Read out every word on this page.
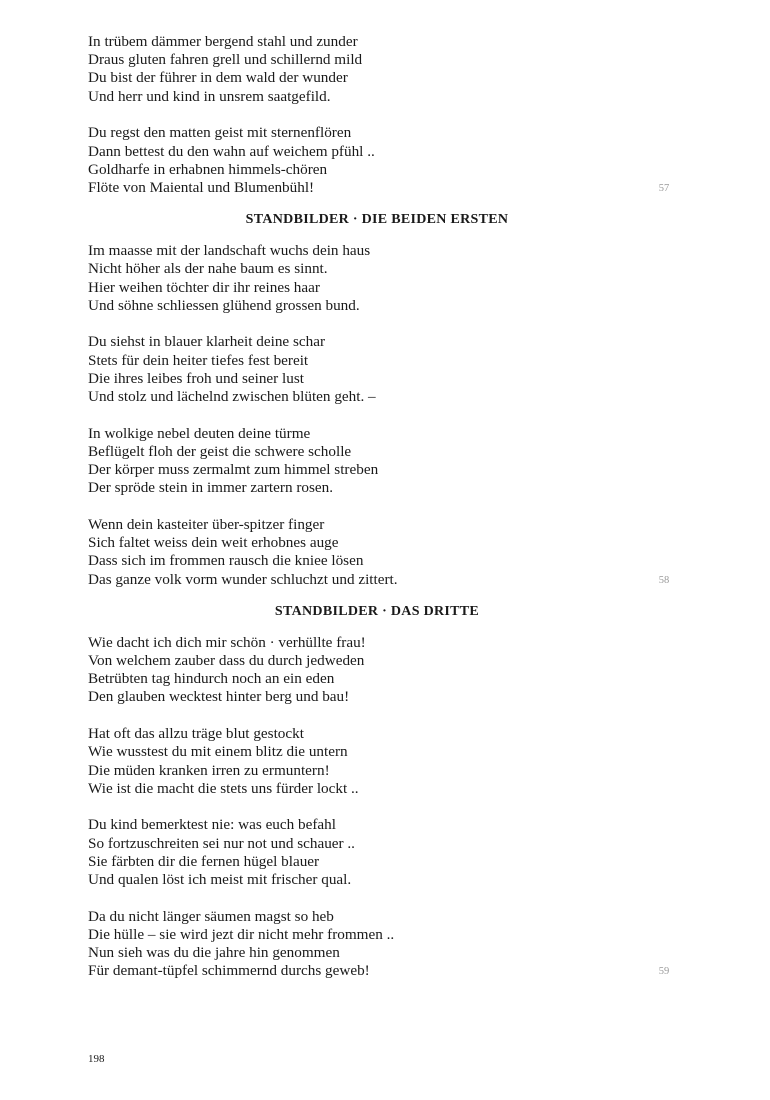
198
In trübem dämmer bergend stahl und zunder
Draus gluten fahren grell und schillernd mild
Du bist der führer in dem wald der wunder
Und herr und kind in unsrem saatgefild.
Du regst den matten geist mit sternenflören
Dann bettest du den wahn auf weichem pfühl ..
Goldharfe in erhabnen himmels-chören
Flöte von Maiental und Blumenbühl!	57
STANDBILDER · DIE BEIDEN ERSTEN
Im maasse mit der landschaft wuchs dein haus
Nicht höher als der nahe baum es sinnt.
Hier weihen töchter dir ihr reines haar
Und söhne schliessen glühend grossen bund.
Du siehst in blauer klarheit deine schar
Stets für dein heiter tiefes fest bereit
Die ihres leibes froh und seiner lust
Und stolz und lächelnd zwischen blüten geht. –
In wolkige nebel deuten deine türme
Beflügelt floh der geist die schwere scholle
Der körper muss zermalmt zum himmel streben
Der spröde stein in immer zartern rosen.
Wenn dein kasteiter über-spitzer finger
Sich faltet weiss dein weit erhobnes auge
Dass sich im frommen rausch die kniee lösen
Das ganze volk vorm wunder schluchzt und zittert.	58
STANDBILDER · DAS DRITTE
Wie dacht ich dich mir schön · verhüllte frau!
Von welchem zauber dass du durch jedweden
Betrübten tag hindurch noch an ein eden
Den glauben wecktest hinter berg und bau!
Hat oft das allzu träge blut gestockt
Wie wusstest du mit einem blitz die untern
Die müden kranken irren zu ermuntern!
Wie ist die macht die stets uns fürder lockt ..
Du kind bemerktest nie: was euch befahl
So fortzuschreiten sei nur not und schauer ..
Sie färbten dir die fernen hügel blauer
Und qualen löst ich meist mit frischer qual.
Da du nicht länger säumen magst so heb
Die hülle – sie wird jezt dir nicht mehr frommen ..
Nun sieh was du die jahre hin genommen
Für demant-tüpfel schimmernd durchs geweb!	59
